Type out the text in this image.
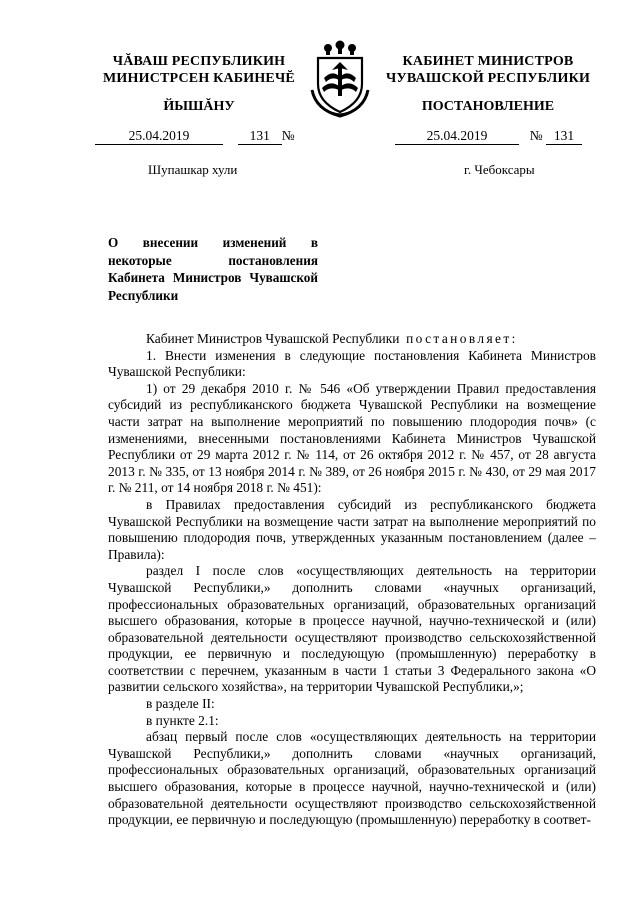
ЧĂВАШ РЕСПУБЛИКИН
МИНИСТРСЕН КАБИНЕЧĔ
ЙЫШĂНУ
КАБИНЕТ МИНИСТРОВ
ЧУВАШСКОЙ РЕСПУБЛИКИ
ПОСТАНОВЛЕНИЕ
25.04.2019	131 №	25.04.2019	№ 131
Шупашкар хули	г. Чебоксары
О внесении изменений в некоторые постановления Кабинета Министров Чувашской Республики

Кабинет Министров Чувашской Республики постановляет:

1. Внести изменения в следующие постановления Кабинета Министров Чувашской Республики:

1) от 29 декабря 2010 г. № 546 «Об утверждении Правил предоставления субсидий из республиканского бюджета Чувашской Республики на возмещение части затрат на выполнение мероприятий по повышению плодородия почв» (с изменениями, внесенными постановлениями Кабинета Министров Чувашской Республики от 29 марта 2012 г. № 114, от 26 октября 2012 г. № 457, от 28 августа 2013 г. № 335, от 13 ноября 2014 г. № 389, от 26 ноября 2015 г. № 430, от 29 мая 2017 г. № 211, от 14 ноября 2018 г. № 451):

в Правилах предоставления субсидий из республиканского бюджета Чувашской Республики на возмещение части затрат на выполнение мероприятий по повышению плодородия почв, утвержденных указанным постановлением (далее – Правила):

раздел I после слов «осуществляющих деятельность на территории Чувашской Республики,» дополнить словами «научных организаций, профессиональных образовательных организаций, образовательных организаций высшего образования, которые в процессе научной, научно-технической и (или) образовательной деятельности осуществляют производство сельскохозяйственной продукции, ее первичную и последующую (промышленную) переработку в соответствии с перечнем, указанным в части 1 статьи 3 Федерального закона «О развитии сельского хозяйства», на территории Чувашской Республики,»;

в разделе II:

в пункте 2.1:

абзац первый после слов «осуществляющих деятельность на территории Чувашской Республики,» дополнить словами «научных организаций, профессиональных образовательных организаций, образовательных организаций высшего образования, которые в процессе научной, научно-технической и (или) образовательной деятельности осуществляют производство сельскохозяйственной продукции, ее первичную и последующую (промышленную) переработку в соответ-
